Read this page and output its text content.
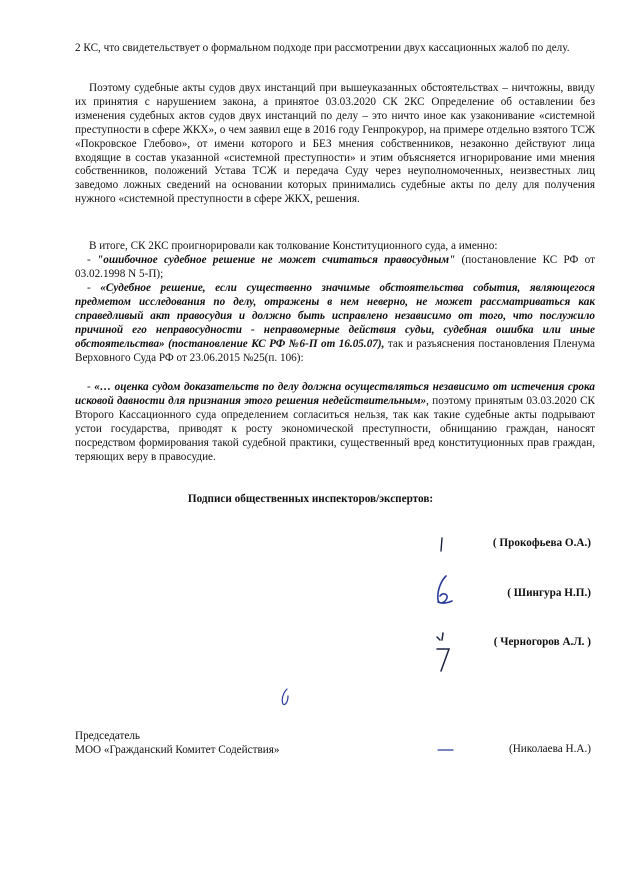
2 КС, что свидетельствует о формальном подходе при рассмотрении двух кассационных жалоб по делу.

Поэтому судебные акты судов двух инстанций при вышеуказанных обстоятельствах – ничтожны, ввиду их принятия с нарушением закона, а принятое 03.03.2020 СК 2КС Определение об оставлении без изменения судебных актов судов двух инстанций по делу – это ничто иное как узаконивание «системной преступности в сфере ЖКХ», о чем заявил еще в 2016 году Генпрокурор, на примере отдельно взятого ТСЖ «Покровское Глебово», от имени которого и БЕЗ мнения собственников, незаконно действуют лица входящие в состав указанной «системной преступности» и этим объясняется игнорирование ими мнения собственников, положений Устава ТСЖ и передача Суду через неуполномоченных, неизвестных лиц заведомо ложных сведений на основании которых принимались судебные акты по делу для получения нужного «системной преступности в сфере ЖКХ, решения.

В итоге, СК 2КС проигнорировали как толкование Конституционного суда, а именно:

- "ошибочное судебное решение не может считаться правосудным" (постановление КС РФ от 03.02.1998 N 5-П);

- «Судебное решение, если существенно значимые обстоятельства события, являющегося предметом исследования по делу, отражены в нем неверно, не может рассматриваться как справедливый акт правосудия и должно быть исправлено независимо от того, что послужило причиной его неправосудности - неправомерные действия судьи, судебная ошибка или иные обстоятельства» (постановление КС РФ №6-П от 16.05.07), так и разъяснения постановления Пленума Верховного Суда РФ от 23.06.2015 №25(п. 106):

- «… оценка судом доказательств по делу должна осуществляться независимо от истечения срока исковой давности для признания этого решения недействительным», поэтому принятым 03.03.2020 СК Второго Кассационного суда определением согласиться нельзя, так как такие судебные акты подрывают устои государства, приводят к росту экономической преступности, обнищанию граждан, наносят посредством формирования такой судебной практики, существенный вред конституционных прав граждан, теряющих веру в правосудие.

Подписи общественных инспекторов/экспертов:

( Прокофьева О.А.)
( Шингура Н.П.)
( Черногоров А.Л. )
Председатель
МОО «Гражданский Комитет Содействия»	(Николаева Н.А.)
